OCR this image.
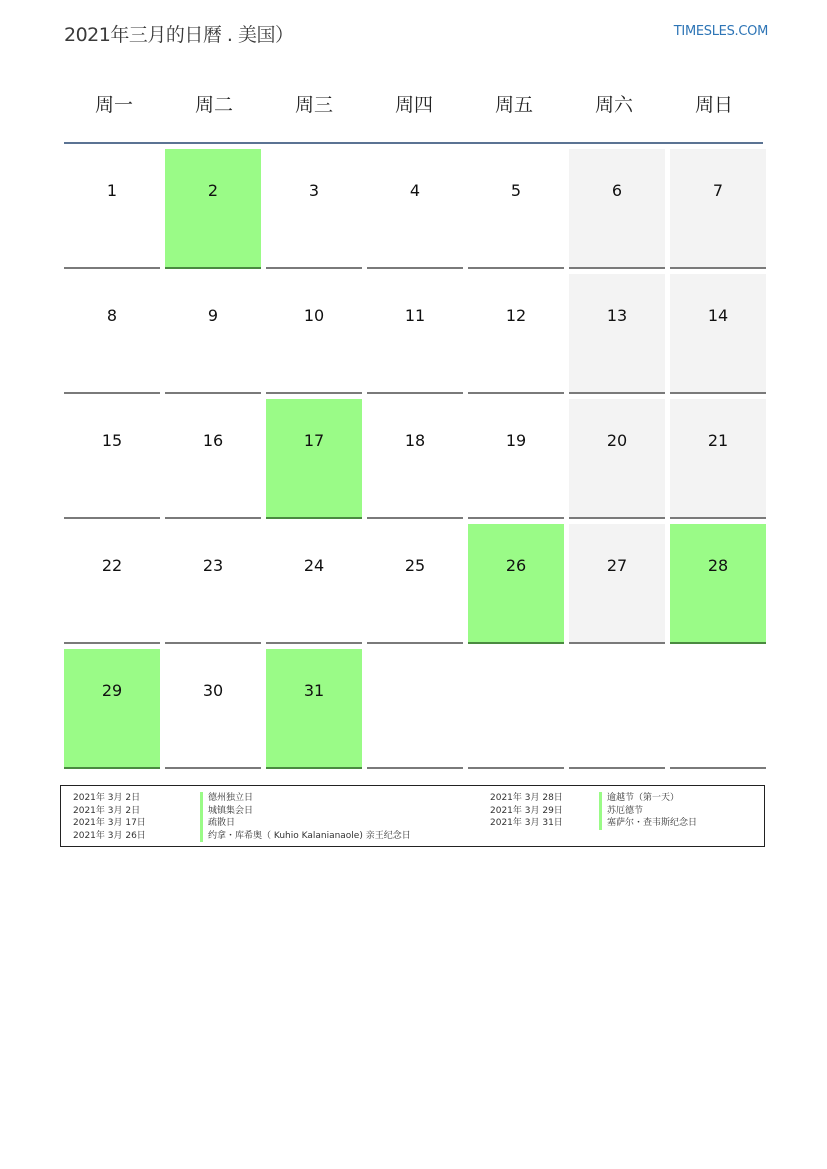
2021年三月的日曆 . 美国）	TIMESLES.COM
周一	周二	周三	周四	周五	周六	周日
1	2	3	4	5	6	7
8	9	10	11	12	13	14
15	16	17	18	19	20	21
22	23	24	25	26	27	28
29	30	31
2021年 3月 2日	德州独立日
2021年 3月 2日	城镇集会日
2021年 3月 17日	疏散日
2021年 3月 26日	约拿・库希奥（ Kuhio Kalanianaole) 亲王纪念日
2021年 3月 28日	逾越节（第一天）
2021年 3月 29日	苏厄德节
2021年 3月 31日	塞萨尔・查韦斯纪念日
